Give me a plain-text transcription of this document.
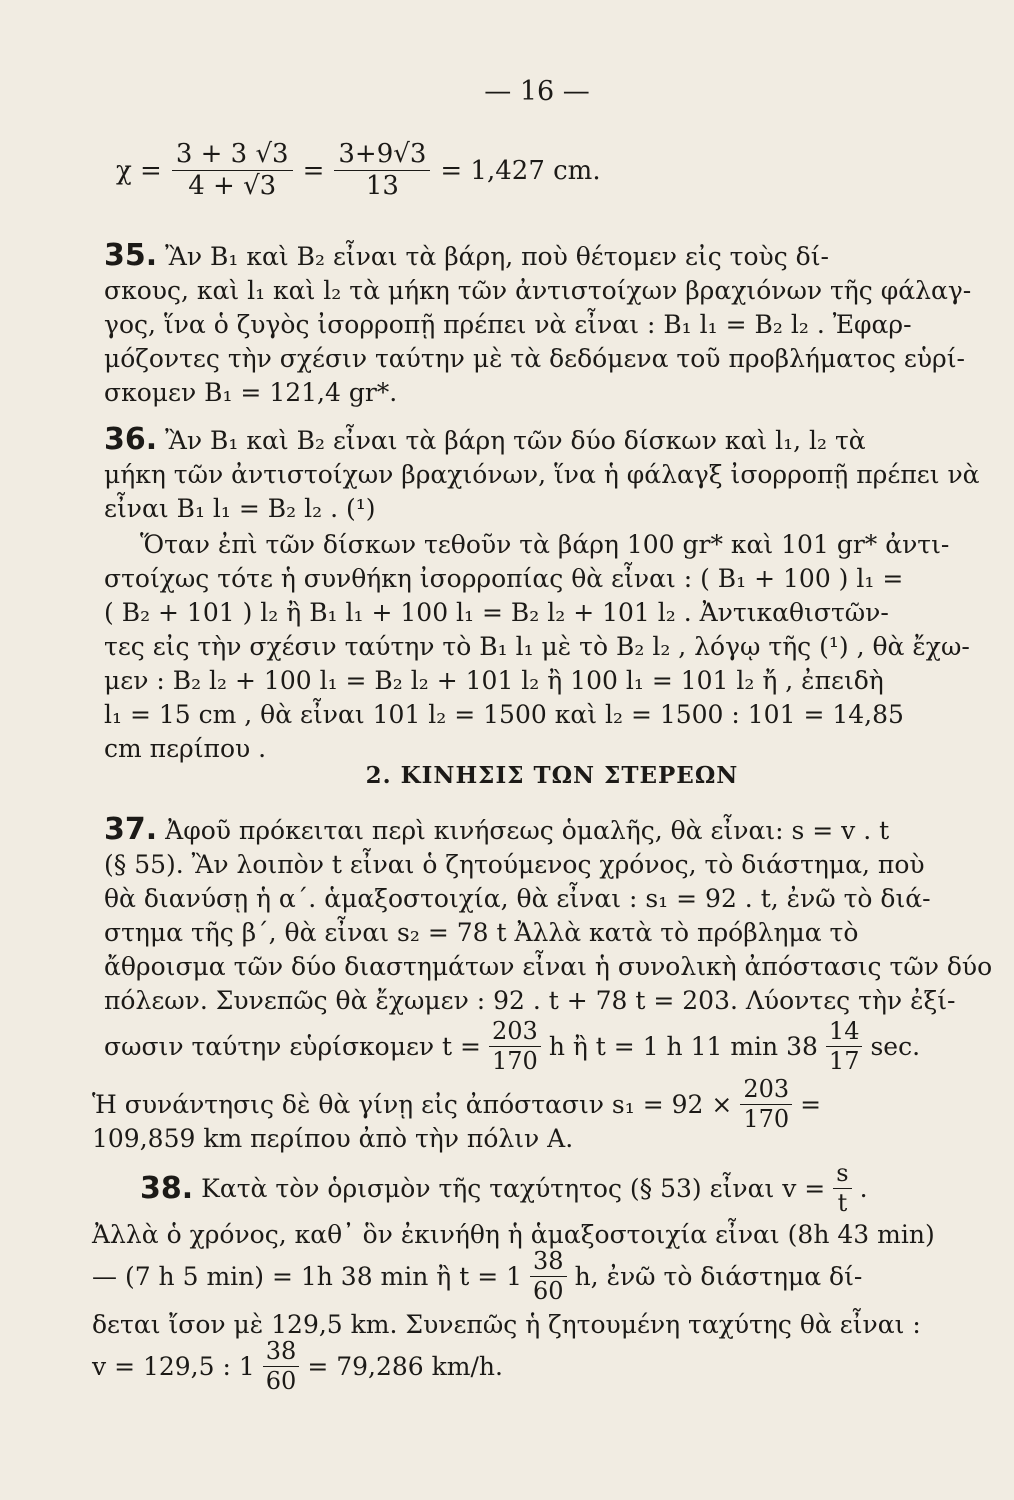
— 16 —
$\chi = \frac{3 + 3 √3}{4 + √3} = \frac{3+9√3}{13} = 1,427$ cm.
35. Ἂν B₁ καὶ B₂ εἶναι τὰ βάρη, ποὺ θέτομεν εἰς τοὺς δί-
σκους, καὶ l₁ καὶ l₂ τὰ μήκη τῶν ἀντιστοίχων βραχιόνων τῆς φάλαγ-
γος, ἵνα ὁ ζυγὸς ἰσορροπῇ πρέπει νὰ εἶναι : B₁ l₁ = B₂ l₂ . Ἐφαρ-
μόζοντες τὴν σχέσιν ταύτην μὲ τὰ δεδόμενα τοῦ προβλήματος εὑρί-
σκομεν B₁ = 121,4 gr*.
36. Ἂν B₁ καὶ B₂ εἶναι τὰ βάρη τῶν δύο δίσκων καὶ l₁, l₂ τὰ
μήκη τῶν ἀντιστοίχων βραχιόνων, ἵνα ἡ φάλαγξ ἰσορροπῇ πρέπει νὰ
εἶναι B₁ l₁ = B₂ l₂ . (¹)
Ὅταν ἐπὶ τῶν δίσκων τεθοῦν τὰ βάρη 100 gr* καὶ 101 gr* ἀντι-
στοίχως τότε ἡ συνθήκη ἰσορροπίας θὰ εἶναι : ( B₁ + 100 ) l₁ =
( B₂ + 101 ) l₂ ἢ B₁ l₁ + 100 l₁ = B₂ l₂ + 101 l₂ . Ἀντικαθιστῶν-
τες εἰς τὴν σχέσιν ταύτην τὸ B₁ l₁ μὲ τὸ B₂ l₂ , λόγῳ τῆς (¹) , θὰ ἔχω-
μεν : B₂ l₂ + 100 l₁ = B₂ l₂ + 101 l₂ ἢ 100 l₁ = 101 l₂ ἤ , ἐπειδὴ
l₁ = 15 cm , θὰ εἶναι 101 l₂ = 1500 καὶ l₂ = 1500 : 101 = 14,85
cm περίπου .
2. ΚΙΝΗΣΙΣ ΤΩΝ ΣΤΕΡΕΩΝ
37. Ἀφοῦ πρόκειται περὶ κινήσεως ὁμαλῆς, θὰ εἶναι: s = v . t
(§ 55). Ἂν λοιπὸν t εἶναι ὁ ζητούμενος χρόνος, τὸ διάστημα, ποὺ
θὰ διανύσῃ ἡ α΄. ἁμαξοστοιχία, θὰ εἶναι : s₁ = 92 . t, ἐνῶ τὸ διά-
στημα τῆς β΄, θὰ εἶναι s₂ = 78 t Ἀλλὰ κατὰ τὸ πρόβλημα τὸ
ἄθροισμα τῶν δύο διαστημάτων εἶναι ἡ συνολικὴ ἀπόστασις τῶν δύο
πόλεων. Συνεπῶς θὰ ἔχωμεν : 92 . t + 78 t = 203. Λύοντες τὴν ἐξί-
σωσιν ταύτην εὑρίσκομεν $t = \frac{203}{170}$ h ἢ t = 1 h 11 $\min 38 \frac{14}{17} \sec$.
Ἡ συνάντησις δὲ θὰ γίνῃ εἰς ἀπόστασιν $s_1 = 92 \times \frac{203}{170}$ =
109,859 km περίπου ἀπὸ τὴν πόλιν A.
38. Κατὰ τὸν ὁρισμὸν τῆς ταχύτητος (§ 53) εἶναι $v = \frac{s}{t}$ .
Ἀλλὰ ὁ χρόνος, καθ᾽ ὃν ἐκινήθη ἡ ἁμαξοστοιχία εἶναι (8h 43 min)
— (7 h 5 min) = 1h 38 min ἢ $t = 1 \frac{38}{60} h$, ἐνῶ τὸ διάστημα δί-
δεται ἴσον μὲ 129,5 km. Συνεπῶς ἡ ζητουμένη ταχύτης θὰ εἶναι :
v = 129,5 : $1 \frac{38}{60} = 79,286$ km/h.
